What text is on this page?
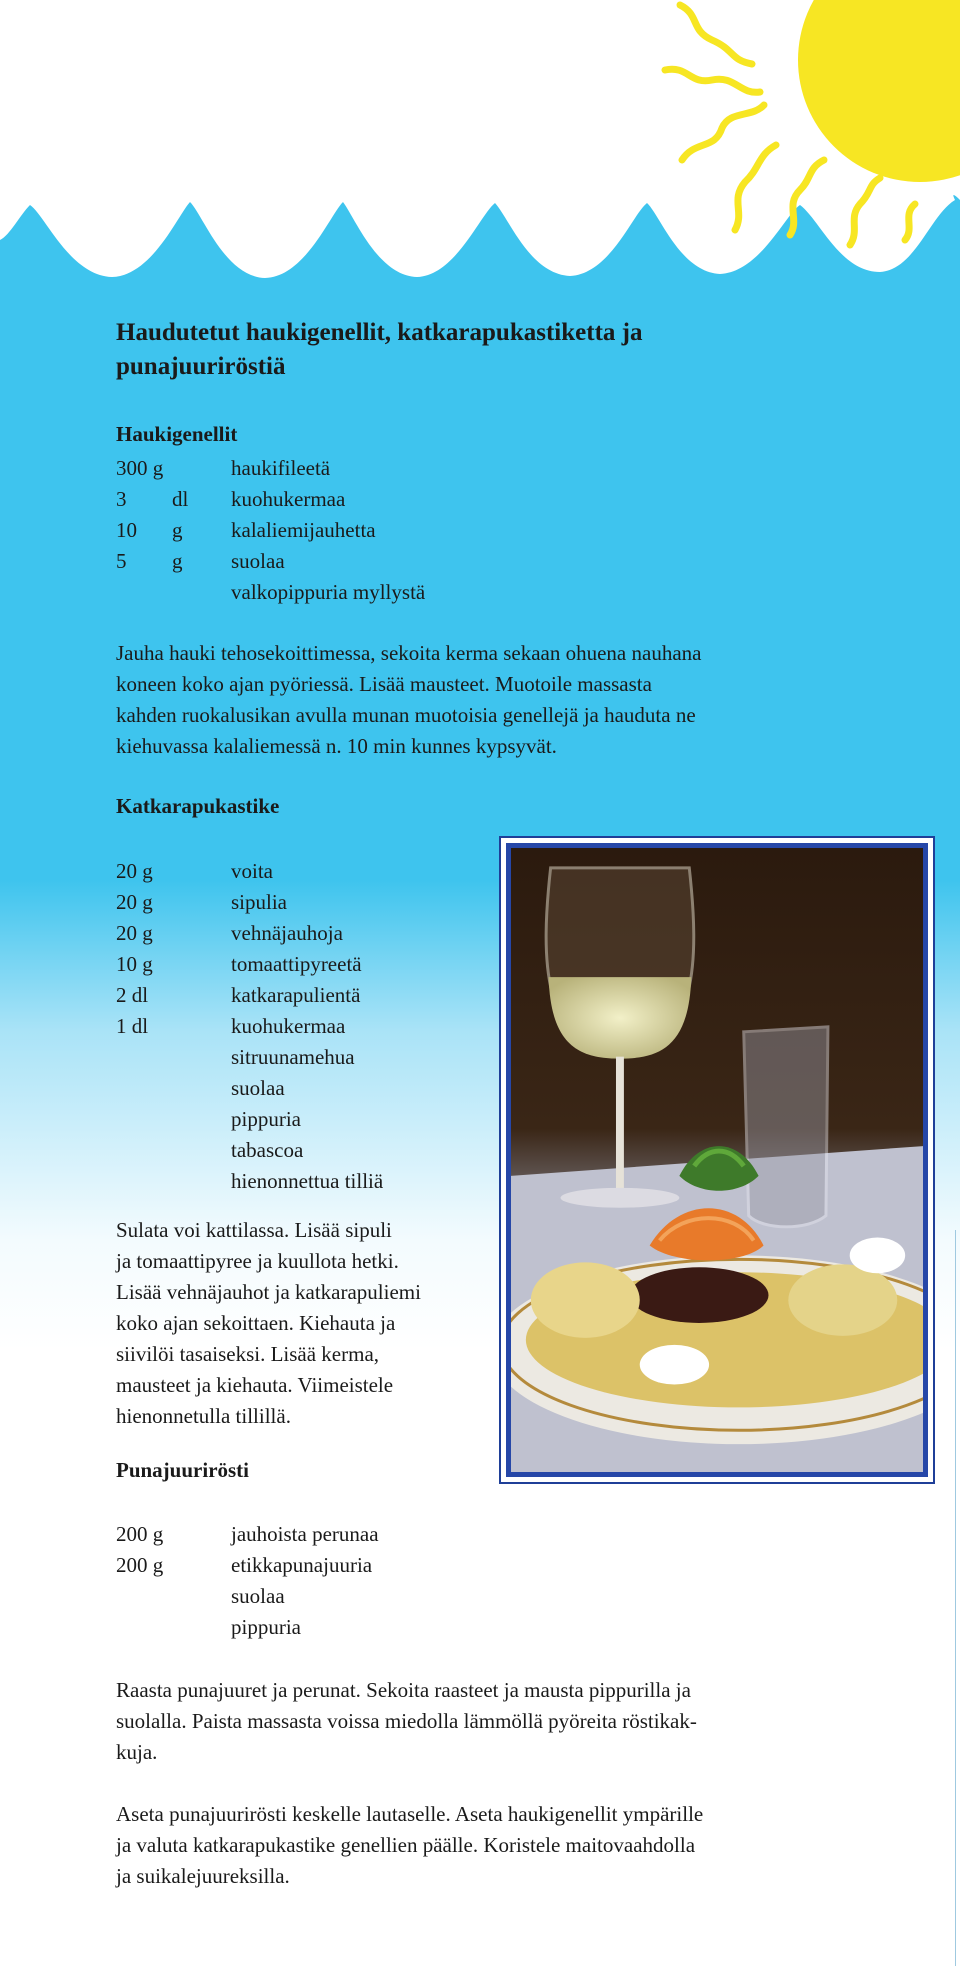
Haudutetut haukigenellit, katkarapukastiketta ja punajuuriröstiä
Haukigenellit
300 g	haukifileetä
3	dl	kuohukermaa
10	g	kalaliemijauhetta
5	g	suolaa
valkopippuria myllystä
Jauha hauki tehosekoittimessa, sekoita kerma sekaan ohuena nauhana
koneen koko ajan pyöriessä. Lisää mausteet. Muotoile massasta
kahden ruokalusikan avulla munan muotoisia genellejä ja hauduta ne
kiehuvassa kalaliemessä n. 10 min kunnes kypsyvät.
Katkarapukastike
20 g	voita
20 g	sipulia
20 g	vehnäjauhoja
10 g	tomaattipyreetä
2 dl	katkarapulientä
1 dl	kuohukermaa
sitruunamehua
suolaa
pippuria
tabascoa
hienonnettua tilliä
Sulata voi kattilassa. Lisää sipuli
ja tomaattipyree ja kuullota hetki.
Lisää vehnäjauhot ja katkarapuliemi
koko ajan sekoittaen. Kiehauta ja
siivilöi tasaiseksi. Lisää kerma,
mausteet ja kiehauta. Viimeistele
hienonnetulla tillillä.
Punajuurirösti
200 g	jauhoista perunaa
200 g	etikkapunajuuria
suolaa
pippuria
Raasta punajuuret ja perunat. Sekoita raasteet ja mausta pippurilla ja
suolalla. Paista massasta voissa miedolla lämmöllä pyöreita röstikak-
kuja.
Aseta punajuurirösti keskelle lautaselle. Aseta haukigenellit ympärille
ja valuta katkarapukastike genellien päälle. Koristele maitovaahdolla
ja suikalejuureksilla.
